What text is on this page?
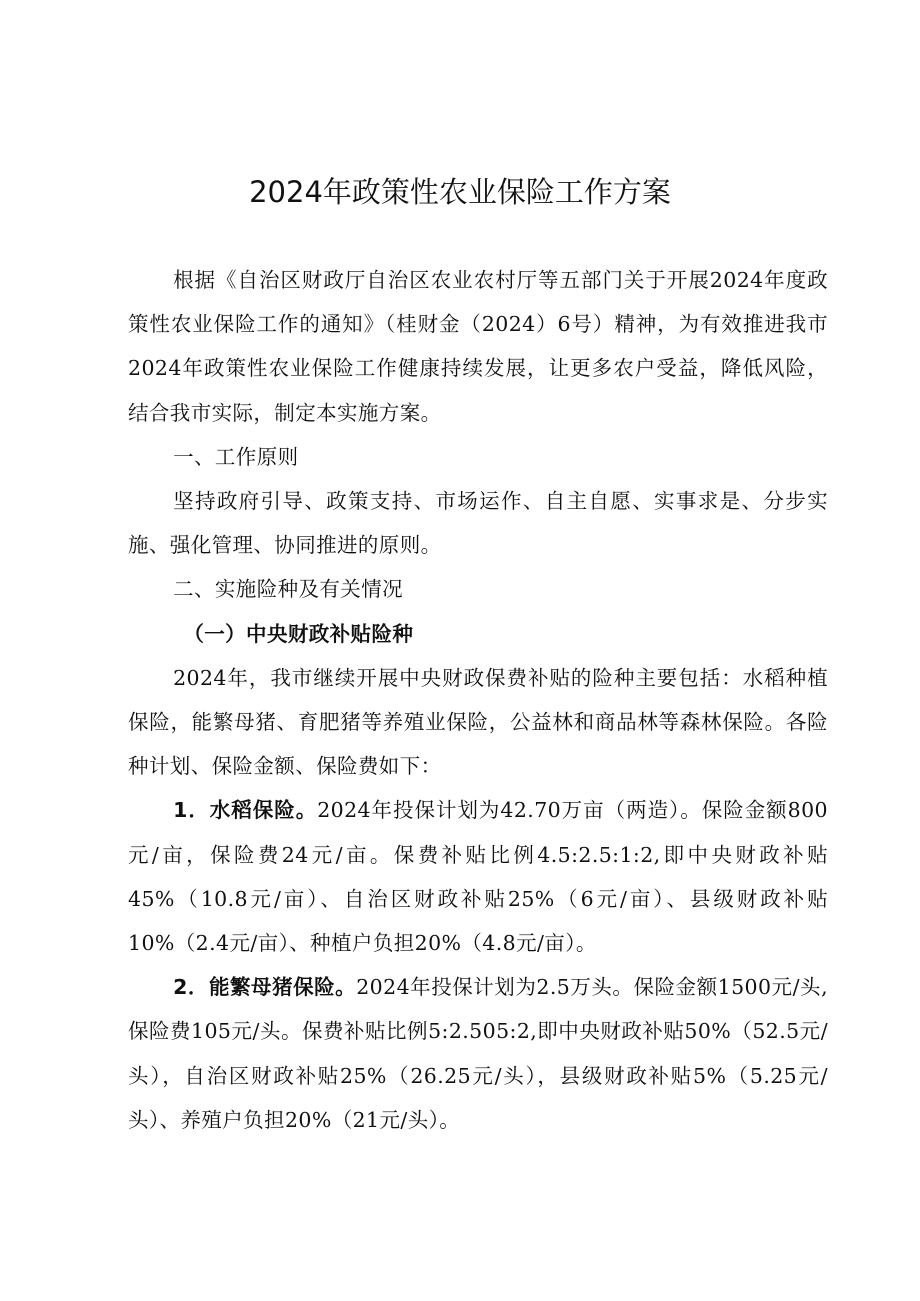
2024年政策性农业保险工作方案

根据《自治区财政厅自治区农业农村厅等五部门关于开展2024年度政策性农业保险工作的通知》（桂财金（2024）6号）精神，为有效推进我市2024年政策性农业保险工作健康持续发展，让更多农户受益，降低风险，结合我市实际，制定本实施方案。

一、工作原则

坚持政府引导、政策支持、市场运作、自主自愿、实事求是、分步实施、强化管理、协同推进的原则。

二、实施险种及有关情况

（一）中央财政补贴险种

2024年，我市继续开展中央财政保费补贴的险种主要包括：水稻种植保险，能繁母猪、育肥猪等养殖业保险，公益林和商品林等森林保险。各险种计划、保险金额、保险费如下：

1．水稻保险。2024年投保计划为42.70万亩（两造）。保险金额800元/亩，保险费24元/亩。保费补贴比例4.5:2.5:1:2,即中央财政补贴45%（10.8元/亩）、自治区财政补贴25%（6元/亩）、县级财政补贴10%（2.4元/亩）、种植户负担20%（4.8元/亩）。

2．能繁母猪保险。2024年投保计划为2.5万头。保险金额1500元/头,保险费105元/头。保费补贴比例5:2.505:2,即中央财政补贴50%（52.5元/头），自治区财政补贴25%（26.25元/头），县级财政补贴5%（5.25元/头）、养殖户负担20%（21元/头）。
